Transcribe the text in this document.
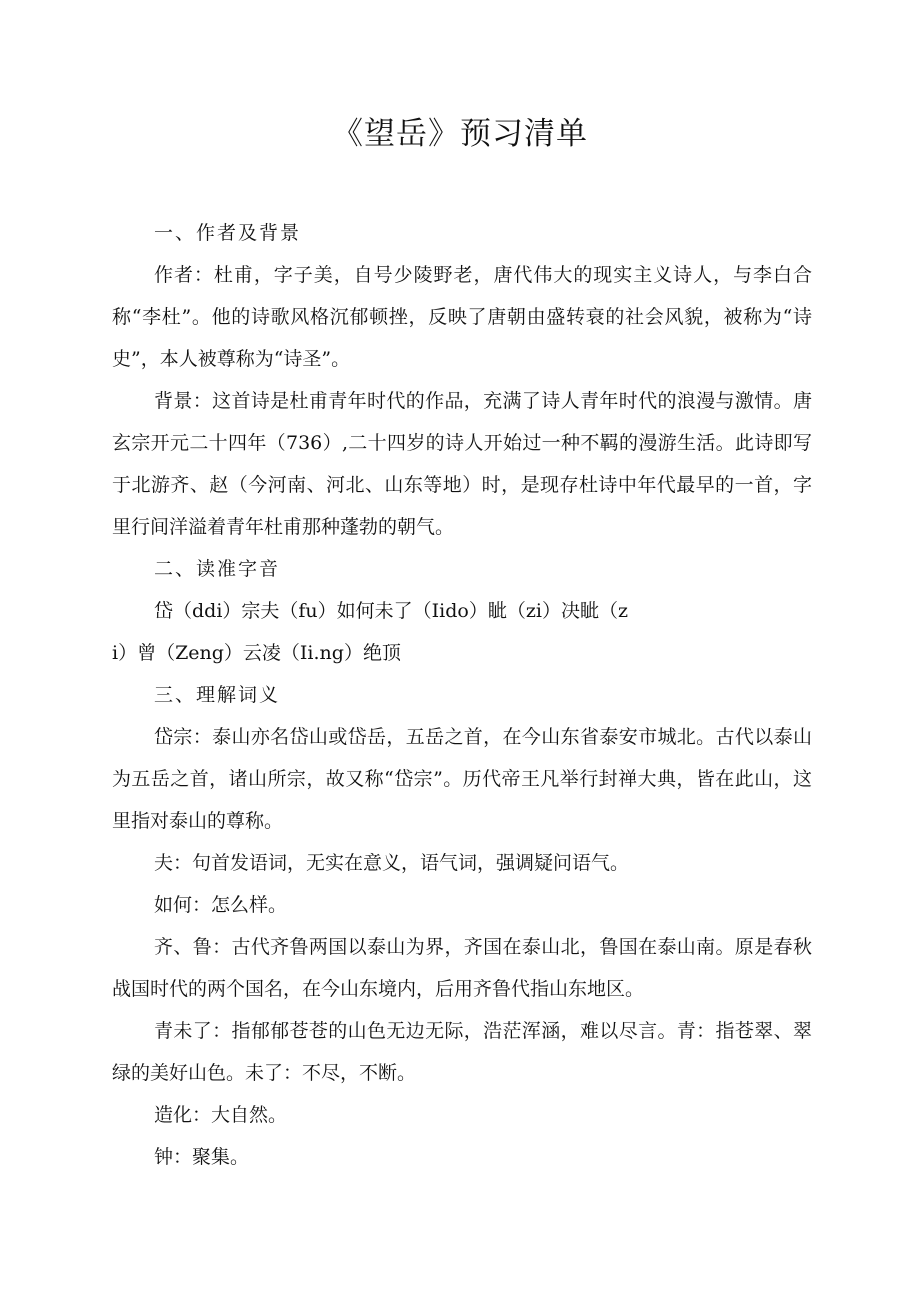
《望岳》预习清单

一、作者及背景

作者：杜甫，字子美，自号少陵野老，唐代伟大的现实主义诗人，与李白合称“李杜”。他的诗歌风格沉郁顿挫，反映了唐朝由盛转衰的社会风貌，被称为“诗史”，本人被尊称为“诗圣”。

背景：这首诗是杜甫青年时代的作品，充满了诗人青年时代的浪漫与激情。唐玄宗开元二十四年（736）,二十四岁的诗人开始过一种不羁的漫游生活。此诗即写于北游齐、赵（今河南、河北、山东等地）时，是现存杜诗中年代最早的一首，字里行间洋溢着青年杜甫那种蓬勃的朝气。

二、读准字音

岱（ddi）宗夫（fu）如何未了（Iido）眦（zi）决眦（z
i）曾（Zeng）云凌（Ii.ng）绝顶

三、理解词义

岱宗：泰山亦名岱山或岱岳，五岳之首，在今山东省泰安市城北。古代以泰山为五岳之首，诸山所宗，故又称“岱宗”。历代帝王凡举行封禅大典，皆在此山，这里指对泰山的尊称。

夫：句首发语词，无实在意义，语气词，强调疑问语气。

如何：怎么样。

齐、鲁：古代齐鲁两国以泰山为界，齐国在泰山北，鲁国在泰山南。原是春秋战国时代的两个国名，在今山东境内，后用齐鲁代指山东地区。

青未了：指郁郁苍苍的山色无边无际，浩茫浑涵，难以尽言。青：指苍翠、翠绿的美好山色。未了：不尽，不断。

造化：大自然。

钟：聚集。
